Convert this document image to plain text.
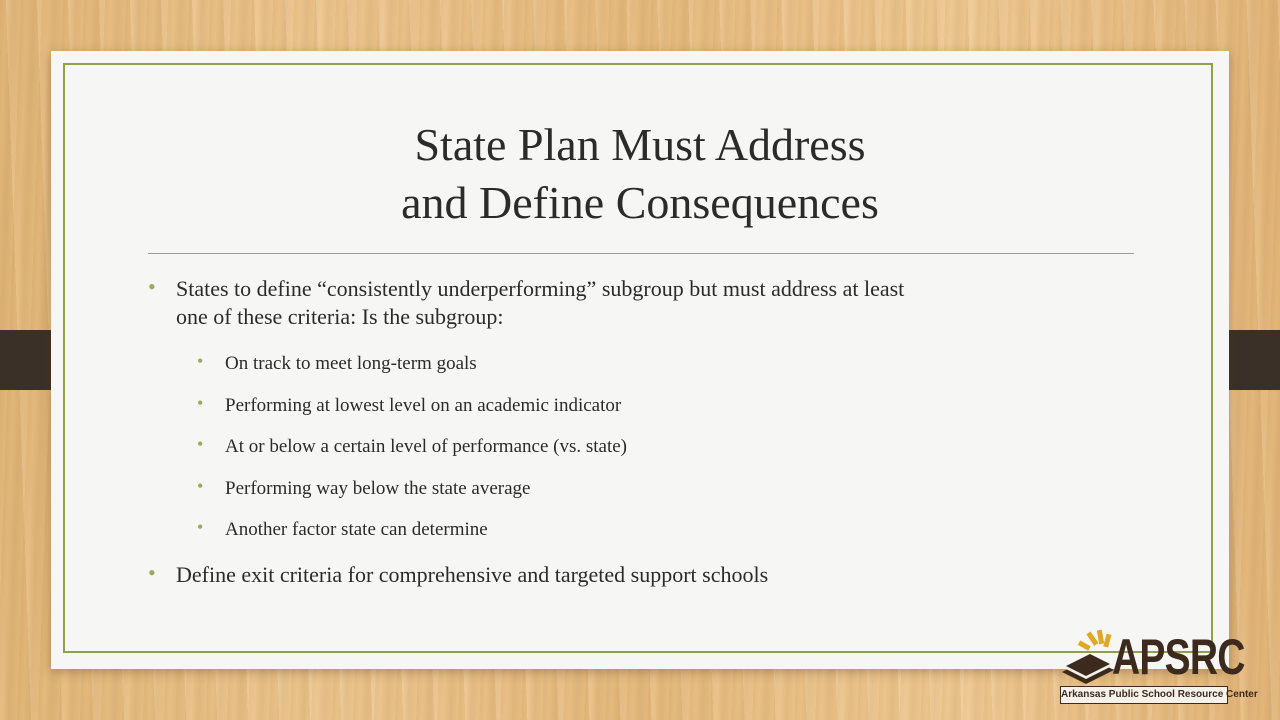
State Plan Must Address
and Define Consequences

• States to define “consistently underperforming” subgroup but must address at least
one of these criteria: Is the subgroup:

• On track to meet long-term goals

• Performing at lowest level on an academic indicator

• At or below a certain level of performance (vs. state)

• Performing way below the state average

• Another factor state can determine

• Define exit criteria for comprehensive and targeted support schools

APSRC
Arkansas Public School Resource Center
